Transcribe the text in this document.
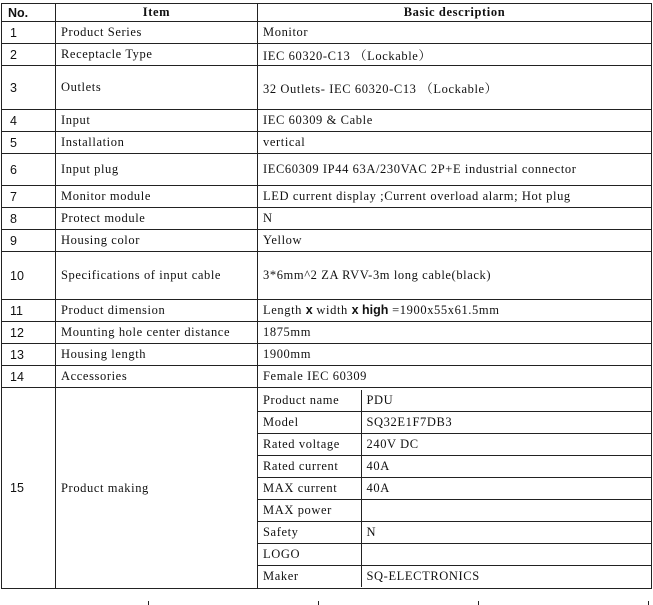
No.	Item	Basic description
1	Product Series	Monitor
2	Receptacle Type	IEC 60320-C13 （Lockable）
3	Outlets	32 Outlets- IEC 60320-C13 （Lockable）
4	Input	IEC 60309 & Cable
5	Installation	vertical
6	Input plug	IEC60309 IP44 63A/230VAC 2P+E industrial connector
7	Monitor module	LED current display ;Current overload alarm; Hot plug
8	Protect module	N
9	Housing color	Yellow
10	Specifications of input cable	3*6mm^2 ZA RVV-3m long cable(black)
11	Product dimension	Length x width x high =1900x55x61.5mm
12	Mounting hole center distance	1875mm
13	Housing length	1900mm
14	Accessories	Female IEC 60309
15	Product making	
Product name	PDU
Model	SQ32E1F7DB3
Rated voltage	240V DC
Rated current	40A
MAX current	40A
MAX power	
Safety	N
LOGO	
Maker	SQ-ELECTRONICS
